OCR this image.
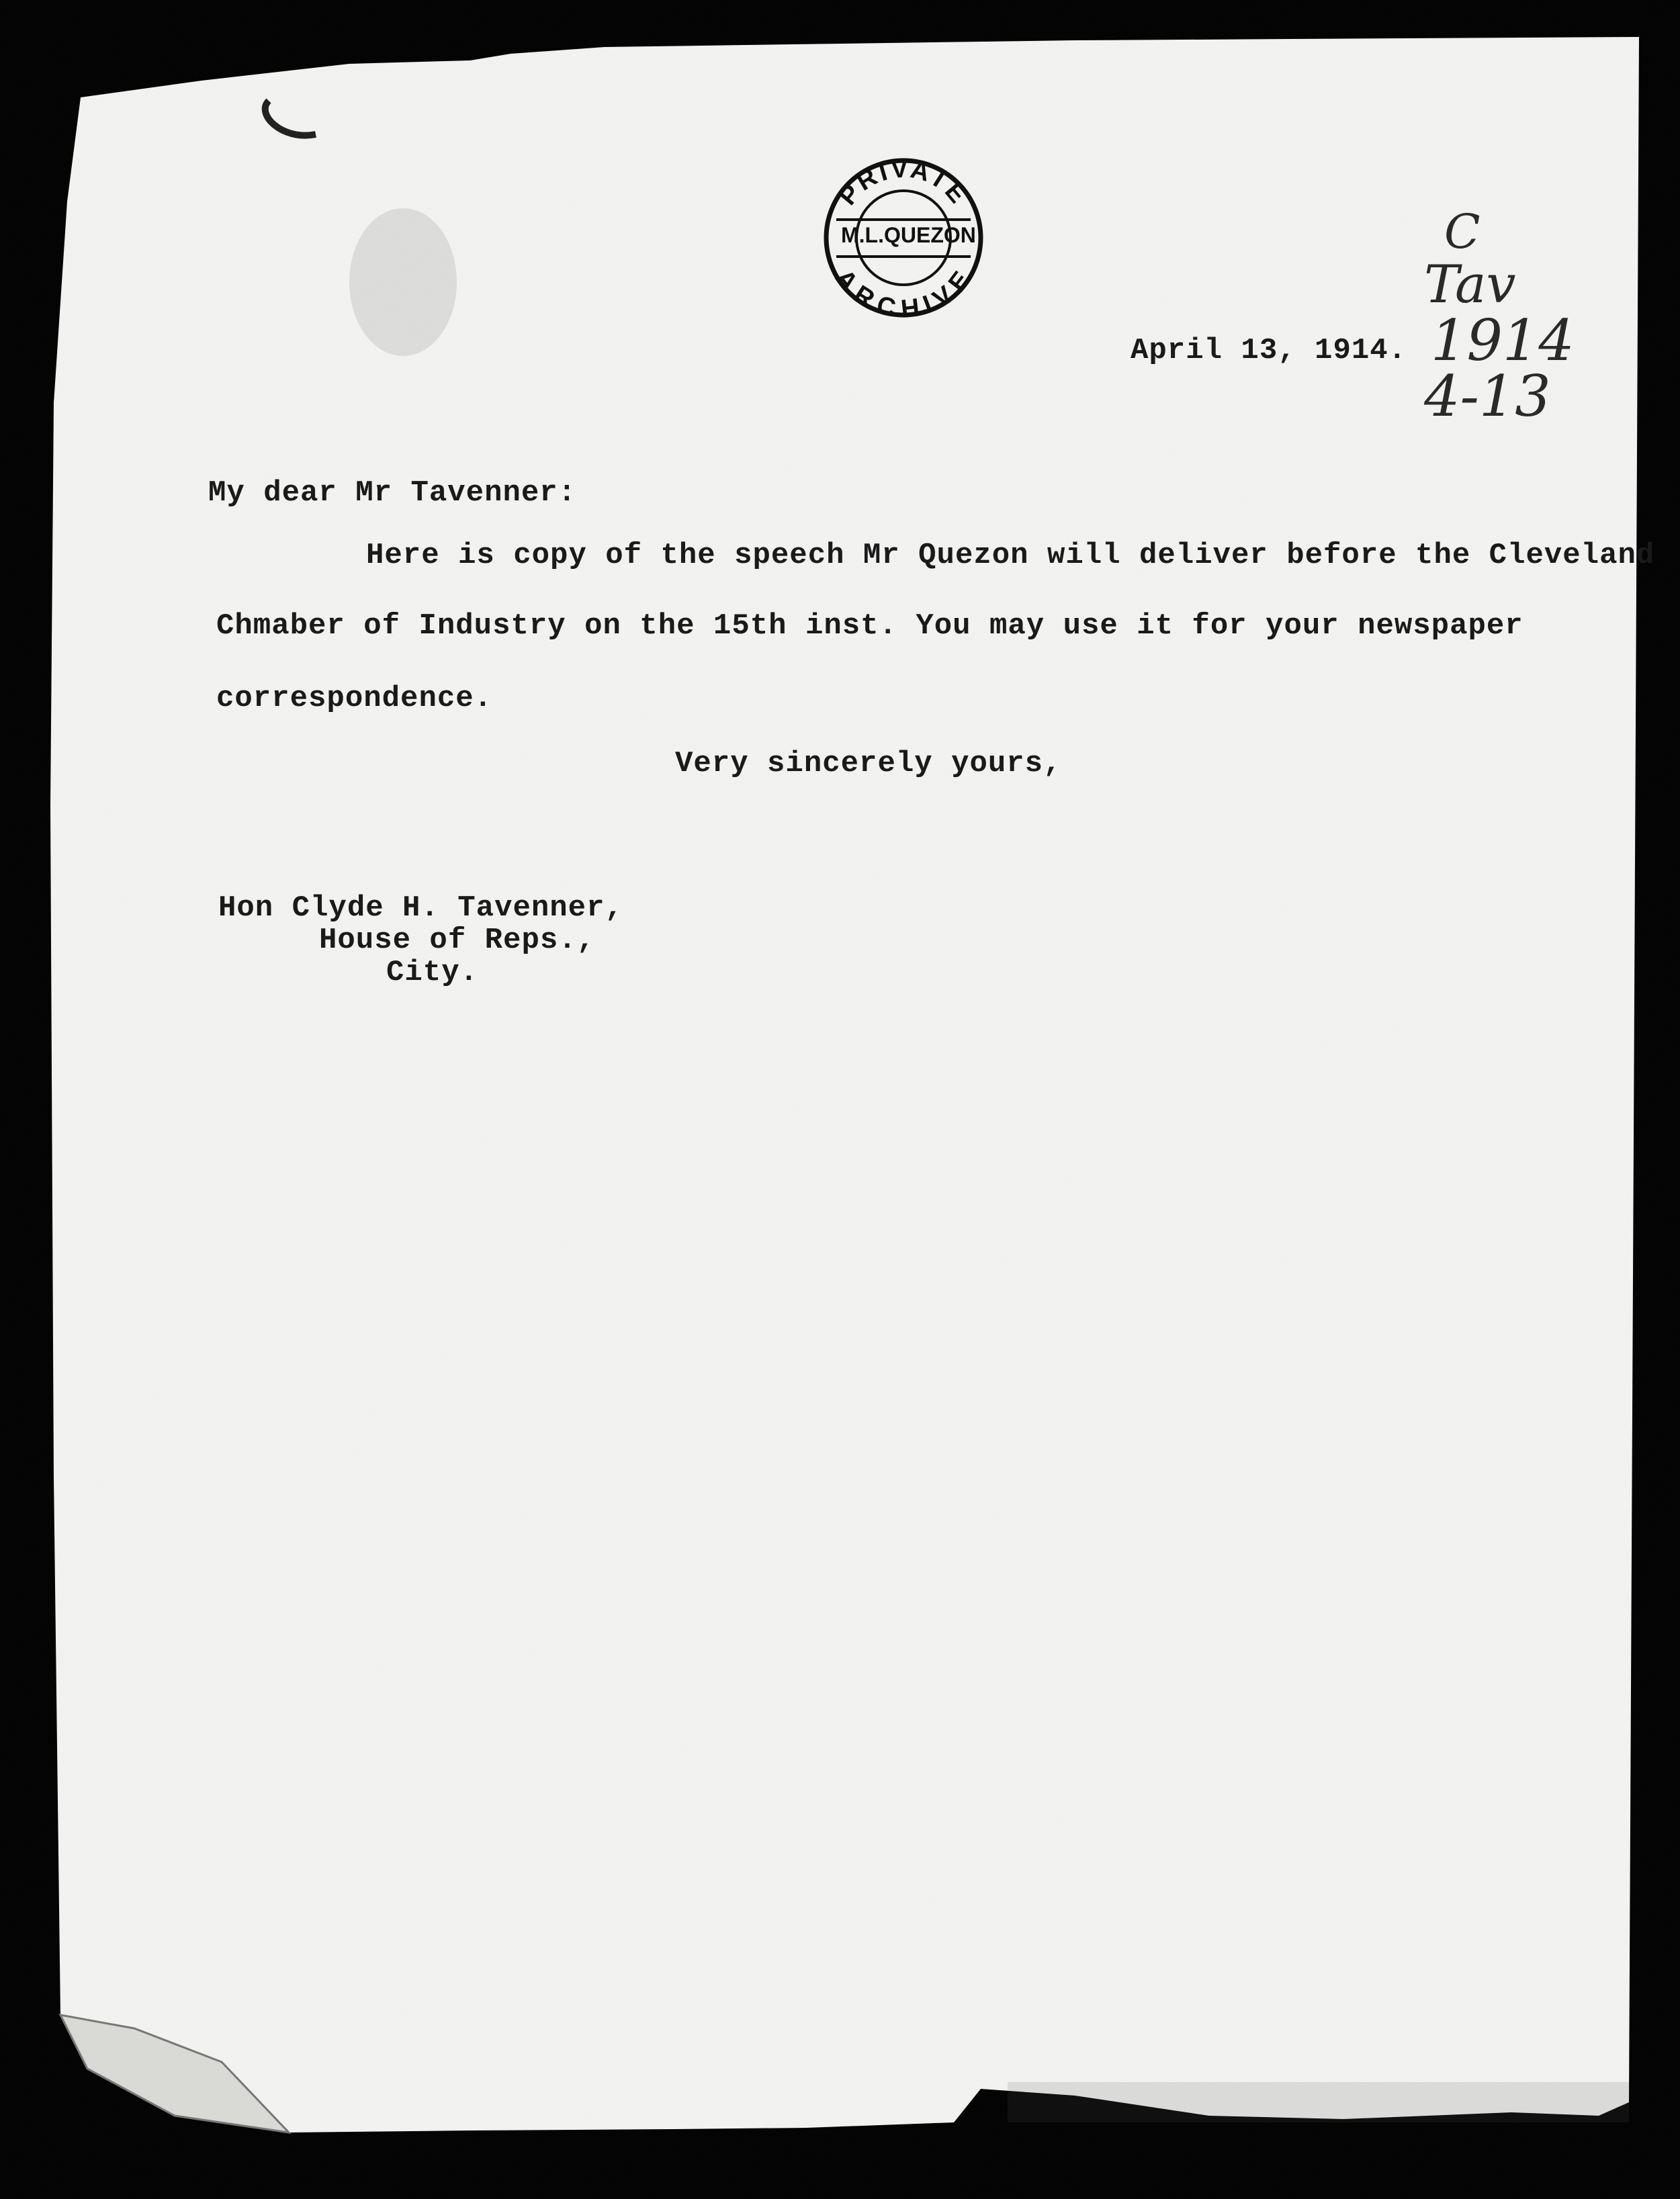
PRIVATE
ARCHIVE
M.L.QUEZON	C
Tav
1914
4-13
April 13, 1914.
My dear Mr Tavenner:
Here is copy of the speech Mr Quezon will deliver before the Cleveland
Chmaber of Industry on the 15th inst. You may use it for your newspaper
correspondence.
Very sincerely yours,
Hon Clyde H. Tavenner,
House of Reps.,
City.
